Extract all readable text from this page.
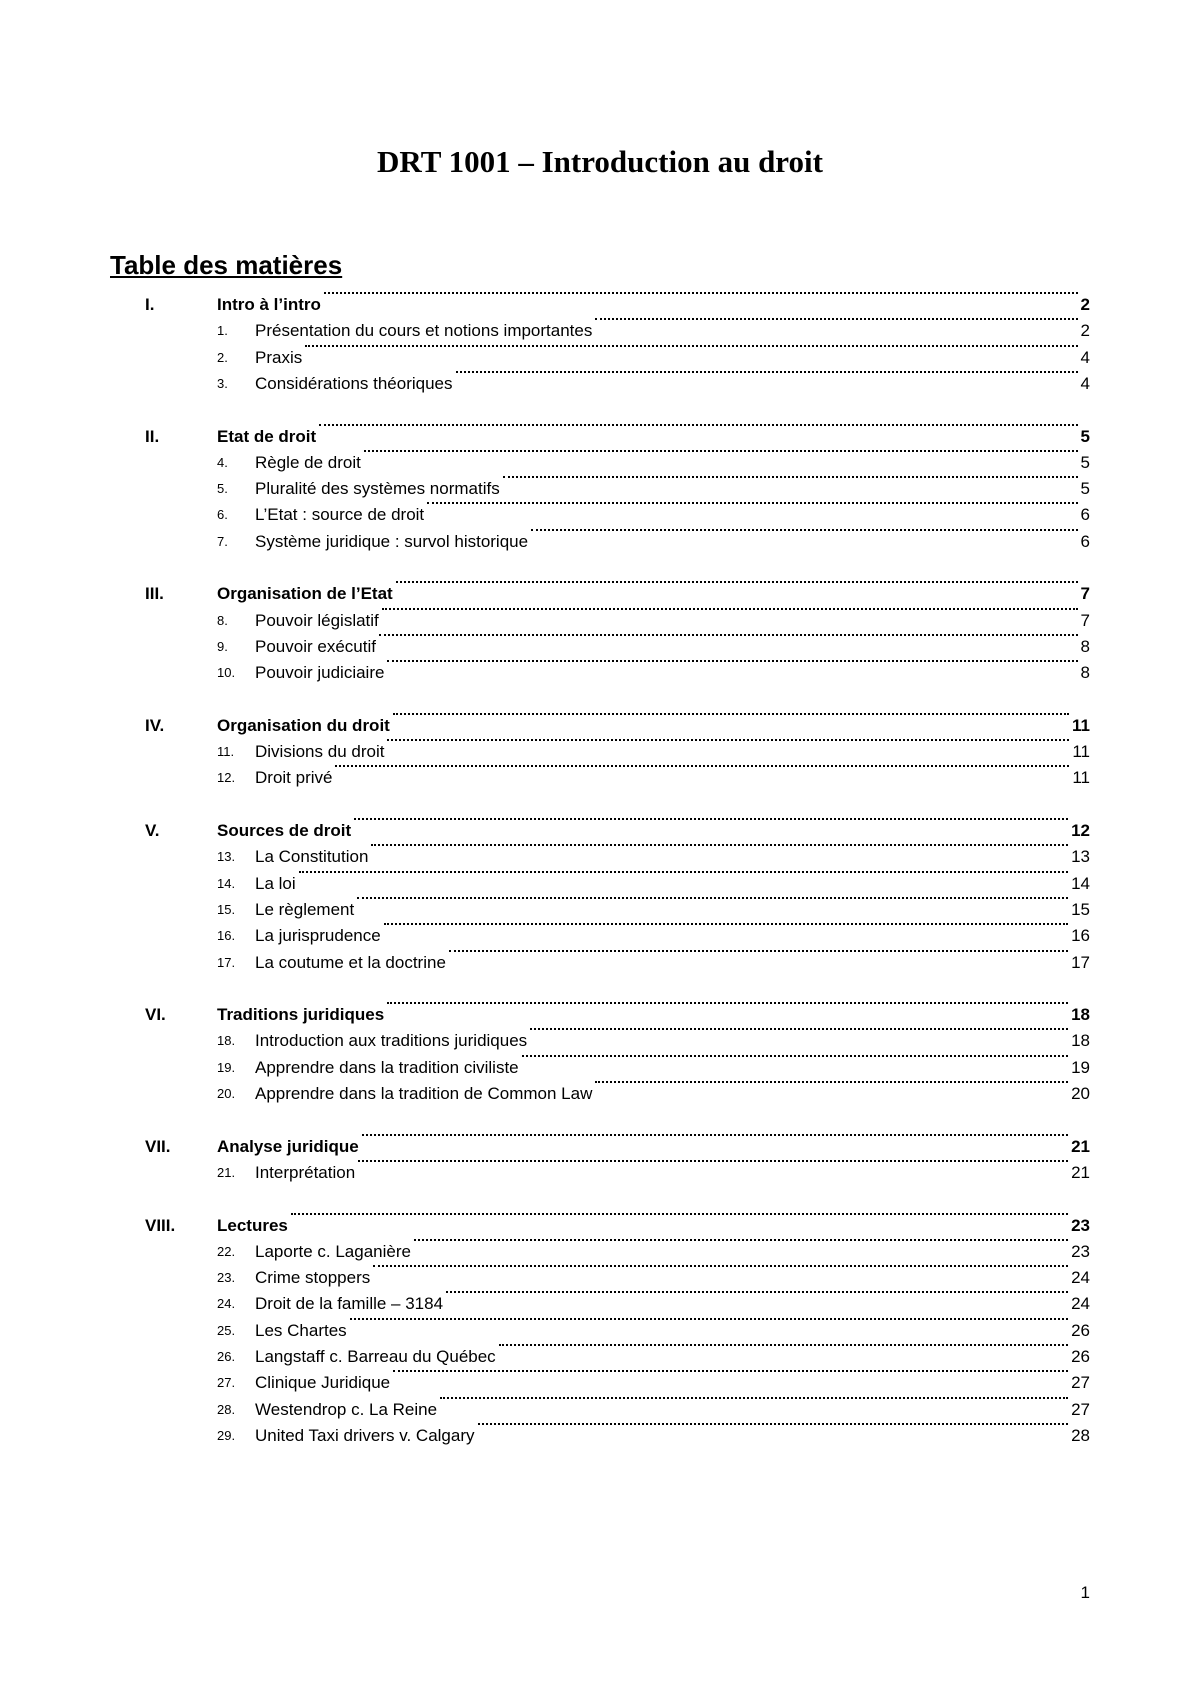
DRT 1001 – Introduction au droit
Table des matières
I.	Intro à l’intro	2
1. Présentation du cours et notions importantes	2
2. Praxis	4
3. Considérations théoriques	4
II.	Etat de droit	5
4. Règle de droit	5
5. Pluralité des systèmes normatifs	5
6. L’Etat : source de droit	6
7. Système juridique : survol historique	6
III.	Organisation de l’Etat	7
8. Pouvoir législatif	7
9. Pouvoir exécutif	8
10. Pouvoir judiciaire	8
IV.	Organisation du droit	11
11. Divisions du droit	11
12. Droit privé	11
V.	Sources de droit	12
13. La Constitution	13
14. La loi	14
15. Le règlement	15
16. La jurisprudence	16
17. La coutume et la doctrine	17
VI.	Traditions juridiques	18
18. Introduction aux traditions juridiques	18
19. Apprendre dans la tradition civiliste	19
20. Apprendre dans la tradition de Common Law	20
VII.	Analyse juridique	21
21. Interprétation	21
VIII. Lectures	23
22. Laporte c. Laganière	23
23. Crime stoppers	24
24. Droit de la famille – 3184	24
25. Les Chartes	26
26. Langstaff c. Barreau du Québec	26
27. Clinique Juridique	27
28. Westendrop c. La Reine	27
29. United Taxi drivers v. Calgary	28
1
